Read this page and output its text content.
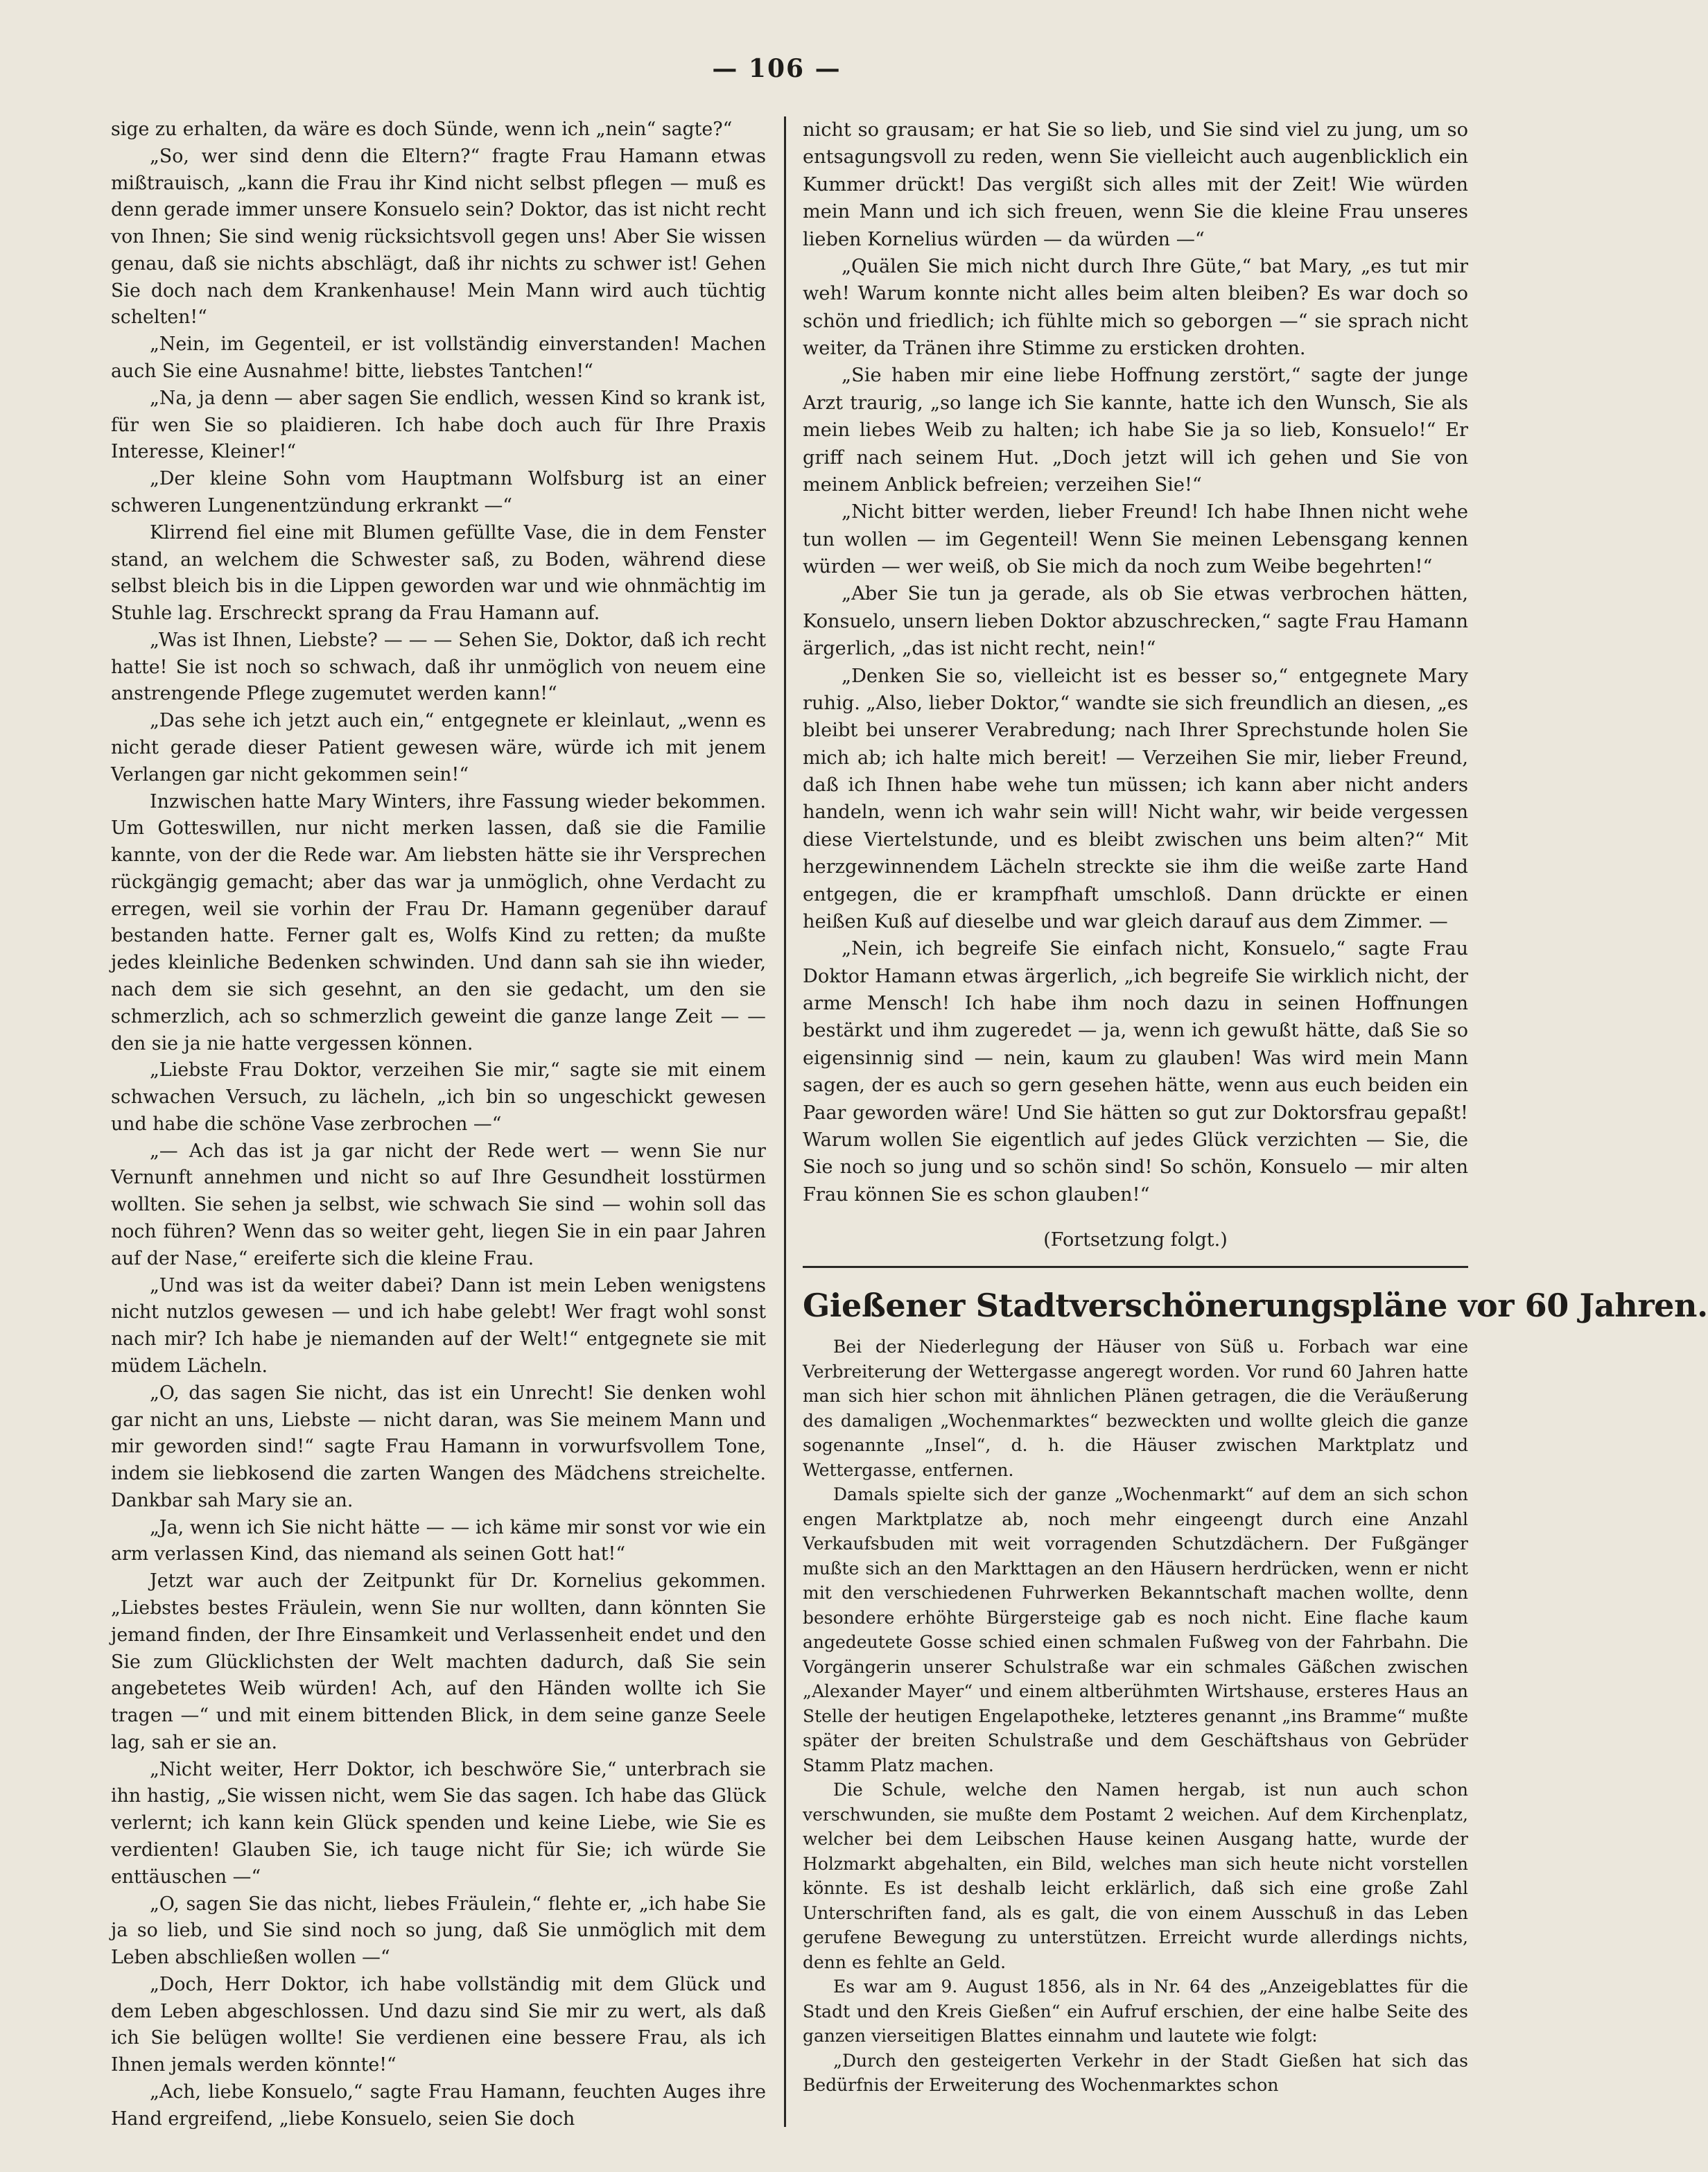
— 106 —

sige zu erhalten, da wäre es doch Sünde, wenn ich „nein“ sagte?“

„So, wer sind denn die Eltern?“ fragte Frau Hamann etwas mißtrauisch, „kann die Frau ihr Kind nicht selbst pflegen — muß es denn gerade immer unsere Konsuelo sein? Doktor, das ist nicht recht von Ihnen; Sie sind wenig rücksichtsvoll gegen uns! Aber Sie wissen genau, daß sie nichts abschlägt, daß ihr nichts zu schwer ist! Gehen Sie doch nach dem Krankenhause! Mein Mann wird auch tüchtig schelten!“

„Nein, im Gegenteil, er ist vollständig einverstanden! Machen auch Sie eine Ausnahme! bitte, liebstes Tantchen!“

„Na, ja denn — aber sagen Sie endlich, wessen Kind so krank ist, für wen Sie so plaidieren. Ich habe doch auch für Ihre Praxis Interesse, Kleiner!“

„Der kleine Sohn vom Hauptmann Wolfsburg ist an einer schweren Lungenentzündung erkrankt —“

Klirrend fiel eine mit Blumen gefüllte Vase, die in dem Fenster stand, an welchem die Schwester saß, zu Boden, während diese selbst bleich bis in die Lippen geworden war und wie ohnmächtig im Stuhle lag. Erschreckt sprang da Frau Hamann auf.

„Was ist Ihnen, Liebste? — — — Sehen Sie, Doktor, daß ich recht hatte! Sie ist noch so schwach, daß ihr unmöglich von neuem eine anstrengende Pflege zugemutet werden kann!“

„Das sehe ich jetzt auch ein,“ entgegnete er kleinlaut, „wenn es nicht gerade dieser Patient gewesen wäre, würde ich mit jenem Verlangen gar nicht gekommen sein!“

Inzwischen hatte Mary Winters, ihre Fassung wieder bekommen. Um Gotteswillen, nur nicht merken lassen, daß sie die Familie kannte, von der die Rede war. Am liebsten hätte sie ihr Versprechen rückgängig gemacht; aber das war ja unmöglich, ohne Verdacht zu erregen, weil sie vorhin der Frau Dr. Hamann gegenüber darauf bestanden hatte. Ferner galt es, Wolfs Kind zu retten; da mußte jedes kleinliche Bedenken schwinden. Und dann sah sie ihn wieder, nach dem sie sich gesehnt, an den sie gedacht, um den sie schmerzlich, ach so schmerzlich geweint die ganze lange Zeit — — den sie ja nie hatte vergessen können.

„Liebste Frau Doktor, verzeihen Sie mir,“ sagte sie mit einem schwachen Versuch, zu lächeln, „ich bin so ungeschickt gewesen und habe die schöne Vase zerbrochen —“

„— Ach das ist ja gar nicht der Rede wert — wenn Sie nur Vernunft annehmen und nicht so auf Ihre Gesundheit losstürmen wollten. Sie sehen ja selbst, wie schwach Sie sind — wohin soll das noch führen? Wenn das so weiter geht, liegen Sie in ein paar Jahren auf der Nase,“ ereiferte sich die kleine Frau.

„Und was ist da weiter dabei? Dann ist mein Leben wenigstens nicht nutzlos gewesen — und ich habe gelebt! Wer fragt wohl sonst nach mir? Ich habe je niemanden auf der Welt!“ entgegnete sie mit müdem Lächeln.

„O, das sagen Sie nicht, das ist ein Unrecht! Sie denken wohl gar nicht an uns, Liebste — nicht daran, was Sie meinem Mann und mir geworden sind!“ sagte Frau Hamann in vorwurfsvollem Tone, indem sie liebkosend die zarten Wangen des Mädchens streichelte. Dankbar sah Mary sie an.

„Ja, wenn ich Sie nicht hätte — — ich käme mir sonst vor wie ein arm verlassen Kind, das niemand als seinen Gott hat!“

Jetzt war auch der Zeitpunkt für Dr. Kornelius gekommen. „Liebstes bestes Fräulein, wenn Sie nur wollten, dann könnten Sie jemand finden, der Ihre Einsamkeit und Verlassenheit endet und den Sie zum Glücklichsten der Welt machten dadurch, daß Sie sein angebetetes Weib würden! Ach, auf den Händen wollte ich Sie tragen —“ und mit einem bittenden Blick, in dem seine ganze Seele lag, sah er sie an.

„Nicht weiter, Herr Doktor, ich beschwöre Sie,“ unterbrach sie ihn hastig, „Sie wissen nicht, wem Sie das sagen. Ich habe das Glück verlernt; ich kann kein Glück spenden und keine Liebe, wie Sie es verdienten! Glauben Sie, ich tauge nicht für Sie; ich würde Sie enttäuschen —“

„O, sagen Sie das nicht, liebes Fräulein,“ flehte er, „ich habe Sie ja so lieb, und Sie sind noch so jung, daß Sie unmöglich mit dem Leben abschließen wollen —“

„Doch, Herr Doktor, ich habe vollständig mit dem Glück und dem Leben abgeschlossen. Und dazu sind Sie mir zu wert, als daß ich Sie belügen wollte! Sie verdienen eine bessere Frau, als ich Ihnen jemals werden könnte!“

„Ach, liebe Konsuelo,“ sagte Frau Hamann, feuchten Auges ihre Hand ergreifend, „liebe Konsuelo, seien Sie doch

nicht so grausam; er hat Sie so lieb, und Sie sind viel zu jung, um so entsagungsvoll zu reden, wenn Sie vielleicht auch augenblicklich ein Kummer drückt! Das vergißt sich alles mit der Zeit! Wie würden mein Mann und ich sich freuen, wenn Sie die kleine Frau unseres lieben Kornelius würden — da würden —“

„Quälen Sie mich nicht durch Ihre Güte,“ bat Mary, „es tut mir weh! Warum konnte nicht alles beim alten bleiben? Es war doch so schön und friedlich; ich fühlte mich so geborgen —“ sie sprach nicht weiter, da Tränen ihre Stimme zu ersticken drohten.

„Sie haben mir eine liebe Hoffnung zerstört,“ sagte der junge Arzt traurig, „so lange ich Sie kannte, hatte ich den Wunsch, Sie als mein liebes Weib zu halten; ich habe Sie ja so lieb, Konsuelo!“ Er griff nach seinem Hut. „Doch jetzt will ich gehen und Sie von meinem Anblick befreien; verzeihen Sie!“

„Nicht bitter werden, lieber Freund! Ich habe Ihnen nicht wehe tun wollen — im Gegenteil! Wenn Sie meinen Lebensgang kennen würden — wer weiß, ob Sie mich da noch zum Weibe begehrten!“

„Aber Sie tun ja gerade, als ob Sie etwas verbrochen hätten, Konsuelo, unsern lieben Doktor abzuschrecken,“ sagte Frau Hamann ärgerlich, „das ist nicht recht, nein!“

„Denken Sie so, vielleicht ist es besser so,“ entgegnete Mary ruhig. „Also, lieber Doktor,“ wandte sie sich freundlich an diesen, „es bleibt bei unserer Verabredung; nach Ihrer Sprechstunde holen Sie mich ab; ich halte mich bereit! — Verzeihen Sie mir, lieber Freund, daß ich Ihnen habe wehe tun müssen; ich kann aber nicht anders handeln, wenn ich wahr sein will! Nicht wahr, wir beide vergessen diese Viertelstunde, und es bleibt zwischen uns beim alten?“ Mit herzgewinnendem Lächeln streckte sie ihm die weiße zarte Hand entgegen, die er krampfhaft umschloß. Dann drückte er einen heißen Kuß auf dieselbe und war gleich darauf aus dem Zimmer. —

„Nein, ich begreife Sie einfach nicht, Konsuelo,“ sagte Frau Doktor Hamann etwas ärgerlich, „ich begreife Sie wirklich nicht, der arme Mensch! Ich habe ihm noch dazu in seinen Hoffnungen bestärkt und ihm zugeredet — ja, wenn ich gewußt hätte, daß Sie so eigensinnig sind — nein, kaum zu glauben! Was wird mein Mann sagen, der es auch so gern gesehen hätte, wenn aus euch beiden ein Paar geworden wäre! Und Sie hätten so gut zur Doktorsfrau gepaßt! Warum wollen Sie eigentlich auf jedes Glück verzichten — Sie, die Sie noch so jung und so schön sind! So schön, Konsuelo — mir alten Frau können Sie es schon glauben!“

(Fortsetzung folgt.)

Gießener Stadtverschönerungspläne vor 60 Jahren.

Bei der Niederlegung der Häuser von Süß u. Forbach war eine Verbreiterung der Wettergasse angeregt worden. Vor rund 60 Jahren hatte man sich hier schon mit ähnlichen Plänen getragen, die die Veräußerung des damaligen „Wochenmarktes“ bezweckten und wollte gleich die ganze sogenannte „Insel“, d. h. die Häuser zwischen Marktplatz und Wettergasse, entfernen.

Damals spielte sich der ganze „Wochenmarkt“ auf dem an sich schon engen Marktplatze ab, noch mehr eingeengt durch eine Anzahl Verkaufsbuden mit weit vorragenden Schutzdächern. Der Fußgänger mußte sich an den Markttagen an den Häusern herdrücken, wenn er nicht mit den verschiedenen Fuhrwerken Bekanntschaft machen wollte, denn besondere erhöhte Bürgersteige gab es noch nicht. Eine flache kaum angedeutete Gosse schied einen schmalen Fußweg von der Fahrbahn. Die Vorgängerin unserer Schulstraße war ein schmales Gäßchen zwischen „Alexander Mayer“ und einem altberühmten Wirtshause, ersteres Haus an Stelle der heutigen Engelapotheke, letzteres genannt „ins Bramme“ mußte später der breiten Schulstraße und dem Geschäftshaus von Gebrüder Stamm Platz machen.

Die Schule, welche den Namen hergab, ist nun auch schon verschwunden, sie mußte dem Postamt 2 weichen. Auf dem Kirchenplatz, welcher bei dem Leibschen Hause keinen Ausgang hatte, wurde der Holzmarkt abgehalten, ein Bild, welches man sich heute nicht vorstellen könnte. Es ist deshalb leicht erklärlich, daß sich eine große Zahl Unterschriften fand, als es galt, die von einem Ausschuß in das Leben gerufene Bewegung zu unterstützen. Erreicht wurde allerdings nichts, denn es fehlte an Geld.

Es war am 9. August 1856, als in Nr. 64 des „Anzeigeblattes für die Stadt und den Kreis Gießen“ ein Aufruf erschien, der eine halbe Seite des ganzen vierseitigen Blattes einnahm und lautete wie folgt:

„Durch den gesteigerten Verkehr in der Stadt Gießen hat sich das Bedürfnis der Erweiterung des Wochenmarktes schon
